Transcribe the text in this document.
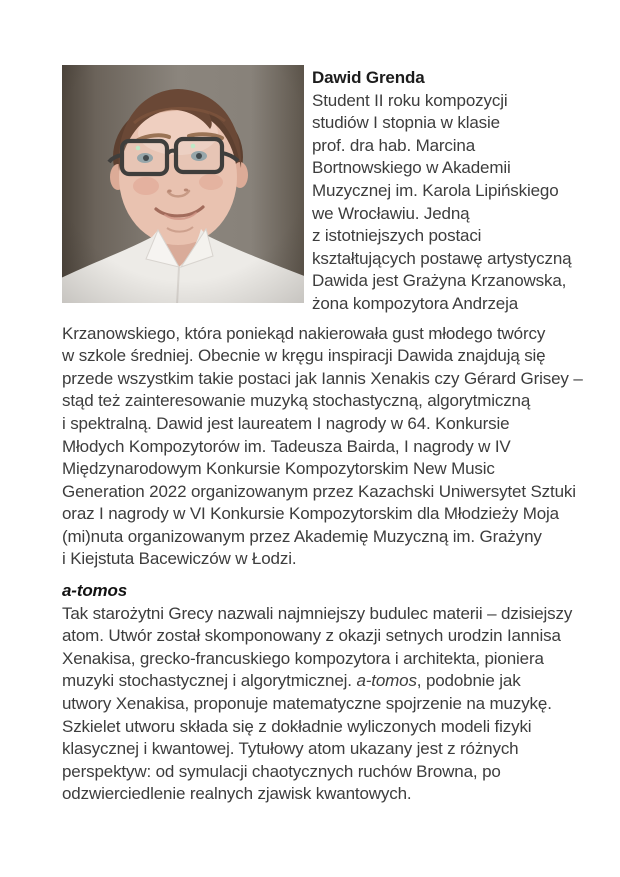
Dawid Grenda
Student II roku kompozycji
studiów I stopnia w klasie
prof. dra hab. Marcina
Bortnowskiego w Akademii
Muzycznej im. Karola Lipińskiego
we Wrocławiu. Jedną
z istotniejszych postaci
kształtujących postawę artystyczną
Dawida jest Grażyna Krzanowska,
żona kompozytora Andrzeja
Krzanowskiego, która poniekąd nakierowała gust młodego twórcy
w szkole średniej. Obecnie w kręgu inspiracji Dawida znajdują się
przede wszystkim takie postaci jak Iannis Xenakis czy Gérard Grisey –
stąd też zainteresowanie muzyką stochastyczną, algorytmiczną
i spektralną. Dawid jest laureatem I nagrody w 64. Konkursie
Młodych Kompozytorów im. Tadeusza Bairda, I nagrody w IV
Międzynarodowym Konkursie Kompozytorskim New Music
Generation 2022 organizowanym przez Kazachski Uniwersytet Sztuki
oraz I nagrody w VI Konkursie Kompozytorskim dla Młodzieży Moja
(mi)nuta organizowanym przez Akademię Muzyczną im. Grażyny
i Kiejstuta Bacewiczów w Łodzi.
a-tomos
Tak starożytni Grecy nazwali najmniejszy budulec materii – dzisiejszy
atom. Utwór został skomponowany z okazji setnych urodzin Iannisa
Xenakisa, grecko-francuskiego kompozytora i architekta, pioniera
muzyki stochastycznej i algorytmicznej. a-tomos, podobnie jak
utwory Xenakisa, proponuje matematyczne spojrzenie na muzykę.
Szkielet utworu składa się z dokładnie wyliczonych modeli fizyki
klasycznej i kwantowej. Tytułowy atom ukazany jest z różnych
perspektyw: od symulacji chaotycznych ruchów Browna, po
odzwierciedlenie realnych zjawisk kwantowych.
